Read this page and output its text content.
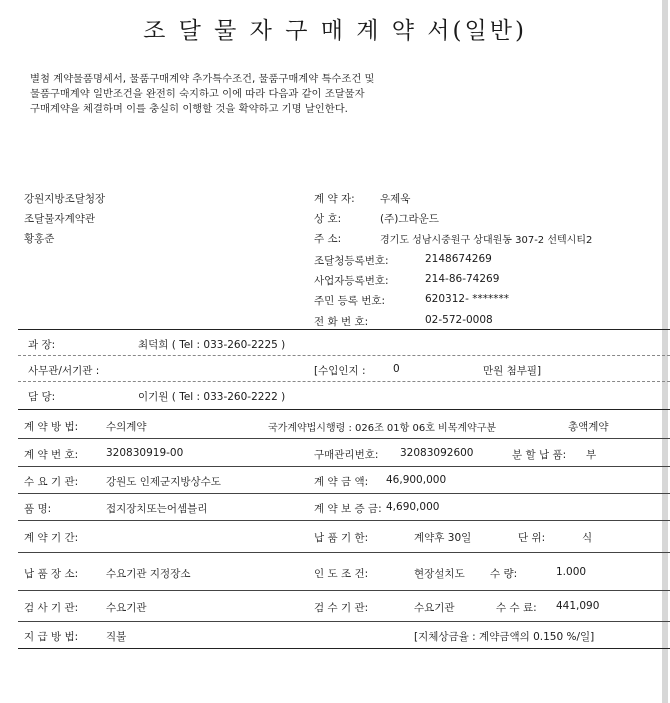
조 달 물 자 구 매 계 약 서(일반)
별첨 계약물품명세서, 물품구매계약 추가특수조건, 물품구매계약 특수조건 및
물품구매계약 일반조건을 완전히 숙지하고 이에 따라 다음과 같이 조달물자
구매계약을 체결하며 이를 충실히 이행할 것을 확약하고 기명 날인한다.
강원지방조달청장
조달물자계약관
황홍준
계 약 자: 우제욱
상 호:	(주)그라운드
주 소:	경기도 성남시중원구 상대원동 307-2 선텍시티2
조달청등록번호:	2148674269
사업자등록번호:	214-86-74269
주민 등록 번호:	620312- *******
전 화 번 호:	02-572-0008
과 장:	최덕희 ( Tel : 033-260-2225 )
사무관/서기관 :	[수입인지 :	0	만원 첨부필]
담 당:	이기원 ( Tel : 033-260-2222 )
계 약 방 법:	수의계약	국가계약법시행령 : 026조 01항 06호 비목계약구분	총액계약
계 약 번 호:	320830919-00	구매관리번호: 32083092600	분 할 납 품: 부
수 요 기 관:	강원도 인제군지방상수도	계 약 금 액: 46,900,000
품 명:	접지장치또는어셈블리	계 약 보 증 금: 4,690,000
계 약 기 간:	납 품 기 한:	계약후 30일	단 위:	식
납 품 장 소:	수요기관 지정장소	인 도 조 건:	현장설치도 수 량:	1.000
검 사 기 관:	수요기관	검 수 기 관:	수요기관	수 수 료: 441,090
지 급 방 법:	직불	[지체상금율 : 계약금액의 0.150 %/일]
